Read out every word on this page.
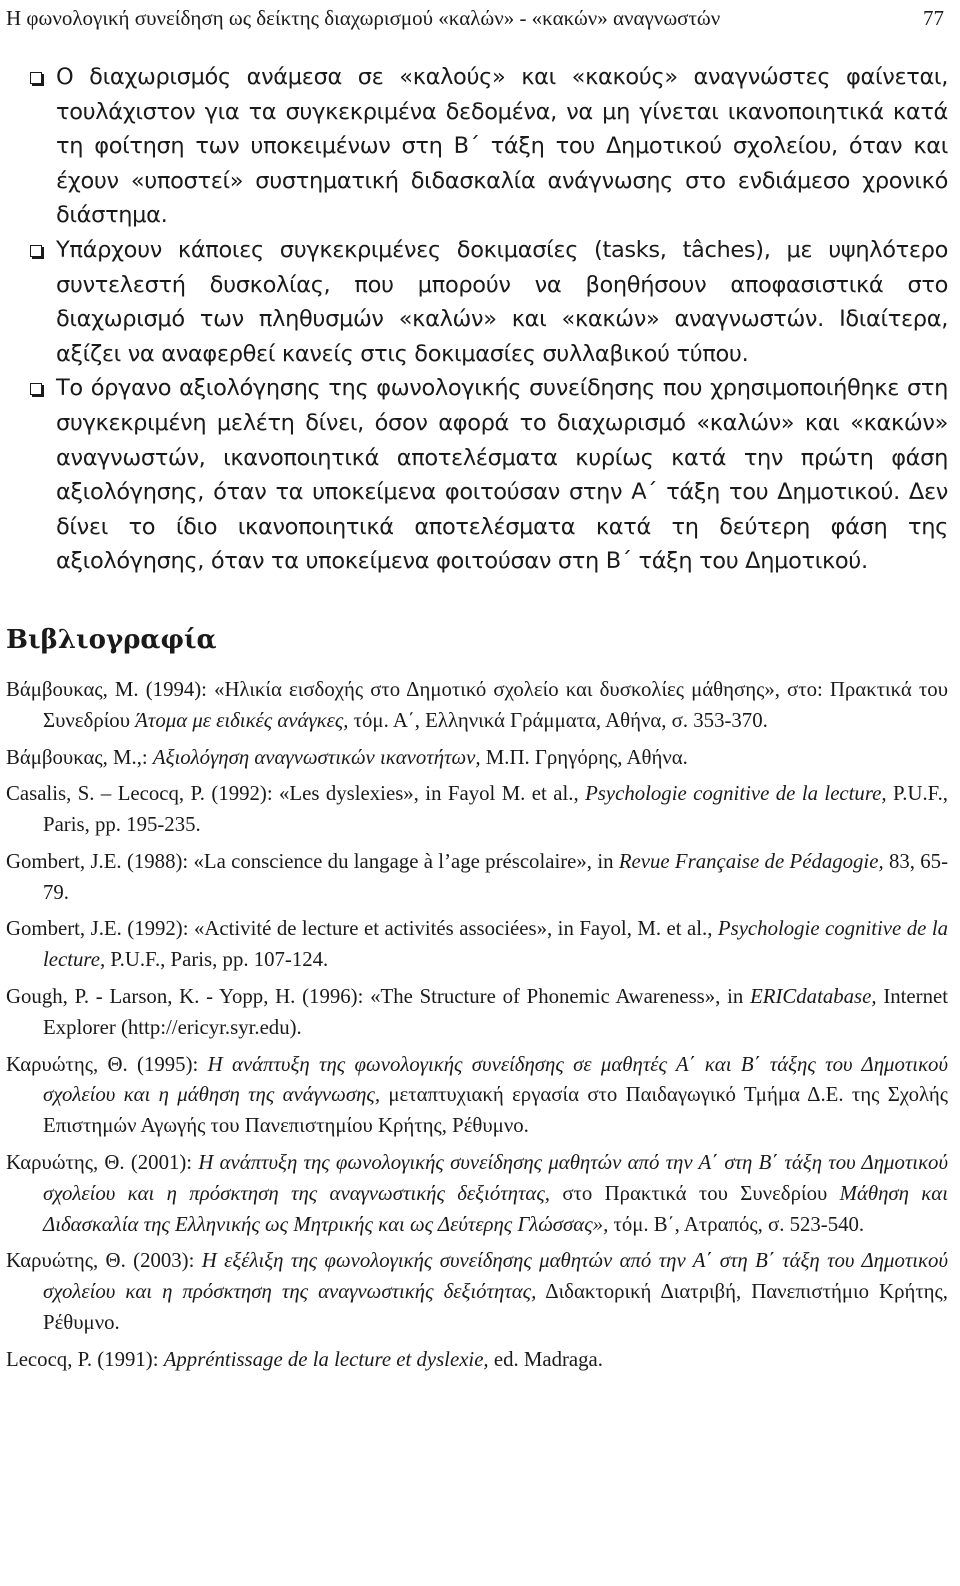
Η φωνολογική συνείδηση ως δείκτης διαχωρισμού «καλών» - «κακών» αναγνωστών	77
Ο διαχωρισμός ανάμεσα σε «καλούς» και «κακούς» αναγνώστες φαίνεται, τουλάχιστον για τα συγκεκριμένα δεδομένα, να μη γίνεται ικανοποιητικά κατά τη φοίτηση των υποκειμένων στη Β΄ τάξη του Δημοτικού σχολείου, όταν και έχουν «υποστεί» συστηματική διδασκαλία ανάγνωσης στο ενδιάμεσο χρονικό διάστημα.
Υπάρχουν κάποιες συγκεκριμένες δοκιμασίες (tasks, tâches), με υψηλότερο συντελεστή δυσκολίας, που μπορούν να βοηθήσουν αποφασιστικά στο διαχωρισμό των πληθυσμών «καλών» και «κακών» αναγνωστών. Ιδιαίτερα, αξίζει να αναφερθεί κανείς στις δοκιμασίες συλλαβικού τύπου.
Το όργανο αξιολόγησης της φωνολογικής συνείδησης που χρησιμοποιήθηκε στη συγκεκριμένη μελέτη δίνει, όσον αφορά το διαχωρισμό «καλών» και «κακών» αναγνωστών, ικανοποιητικά αποτελέσματα κυρίως κατά την πρώτη φάση αξιολόγησης, όταν τα υποκείμενα φοιτούσαν στην Α΄ τάξη του Δημοτικού. Δεν δίνει το ίδιο ικανοποιητικά αποτελέσματα κατά τη δεύτερη φάση της αξιολόγησης, όταν τα υποκείμενα φοιτούσαν στη Β΄ τάξη του Δημοτικού.
Βιβλιογραφία
Βάμβουκας, Μ. (1994): «Ηλικία εισδοχής στο Δημοτικό σχολείο και δυσκολίες μάθησης», στο: Πρακτικά του Συνεδρίου Άτομα με ειδικές ανάγκες, τόμ. Α΄, Ελληνικά Γράμματα, Αθήνα, σ. 353-370.
Βάμβουκας, Μ.,: Αξιολόγηση αναγνωστικών ικανοτήτων, Μ.Π. Γρηγόρης, Αθήνα.
Casalis, S. – Lecocq, P. (1992): «Les dyslexies», in Fayol M. et al., Psychologie cognitive de la lecture, P.U.F., Paris, pp. 195-235.
Gombert, J.E. (1988): «La conscience du langage à l’age préscolaire», in Revue Française de Pédagogie, 83, 65-79.
Gombert, J.E. (1992): «Activité de lecture et activités associées», in Fayol, M. et al., Psychologie cognitive de la lecture, P.U.F., Paris, pp. 107-124.
Gough, P. - Larson, K. - Yopp, H. (1996): «The Structure of Phonemic Awareness», in ERICdatabase, Internet Explorer (http://ericyr.syr.edu).
Καρυώτης, Θ. (1995): Η ανάπτυξη της φωνολογικής συνείδησης σε μαθητές Α΄ και Β΄ τάξης του Δημοτικού σχολείου και η μάθηση της ανάγνωσης, μεταπτυχιακή εργασία στο Παιδαγωγικό Τμήμα Δ.Ε. της Σχολής Επιστημών Αγωγής του Πανεπιστημίου Κρήτης, Ρέθυμνο.
Καρυώτης, Θ. (2001): Η ανάπτυξη της φωνολογικής συνείδησης μαθητών από την Α΄ στη Β΄ τάξη του Δημοτικού σχολείου και η πρόσκτηση της αναγνωστικής δεξιότητας, στο Πρακτικά του Συνεδρίου Μάθηση και Διδασκαλία της Ελληνικής ως Μητρικής και ως Δεύτερης Γλώσσας», τόμ. Β΄, Ατραπός, σ. 523-540.
Καρυώτης, Θ. (2003): Η εξέλιξη της φωνολογικής συνείδησης μαθητών από την Α΄ στη Β΄ τάξη του Δημοτικού σχολείου και η πρόσκτηση της αναγνωστικής δεξιότητας, Διδακτορική Διατριβή, Πανεπιστήμιο Κρήτης, Ρέθυμνο.
Lecocq, P. (1991): Appréntissage de la lecture et dyslexie, ed. Madraga.
